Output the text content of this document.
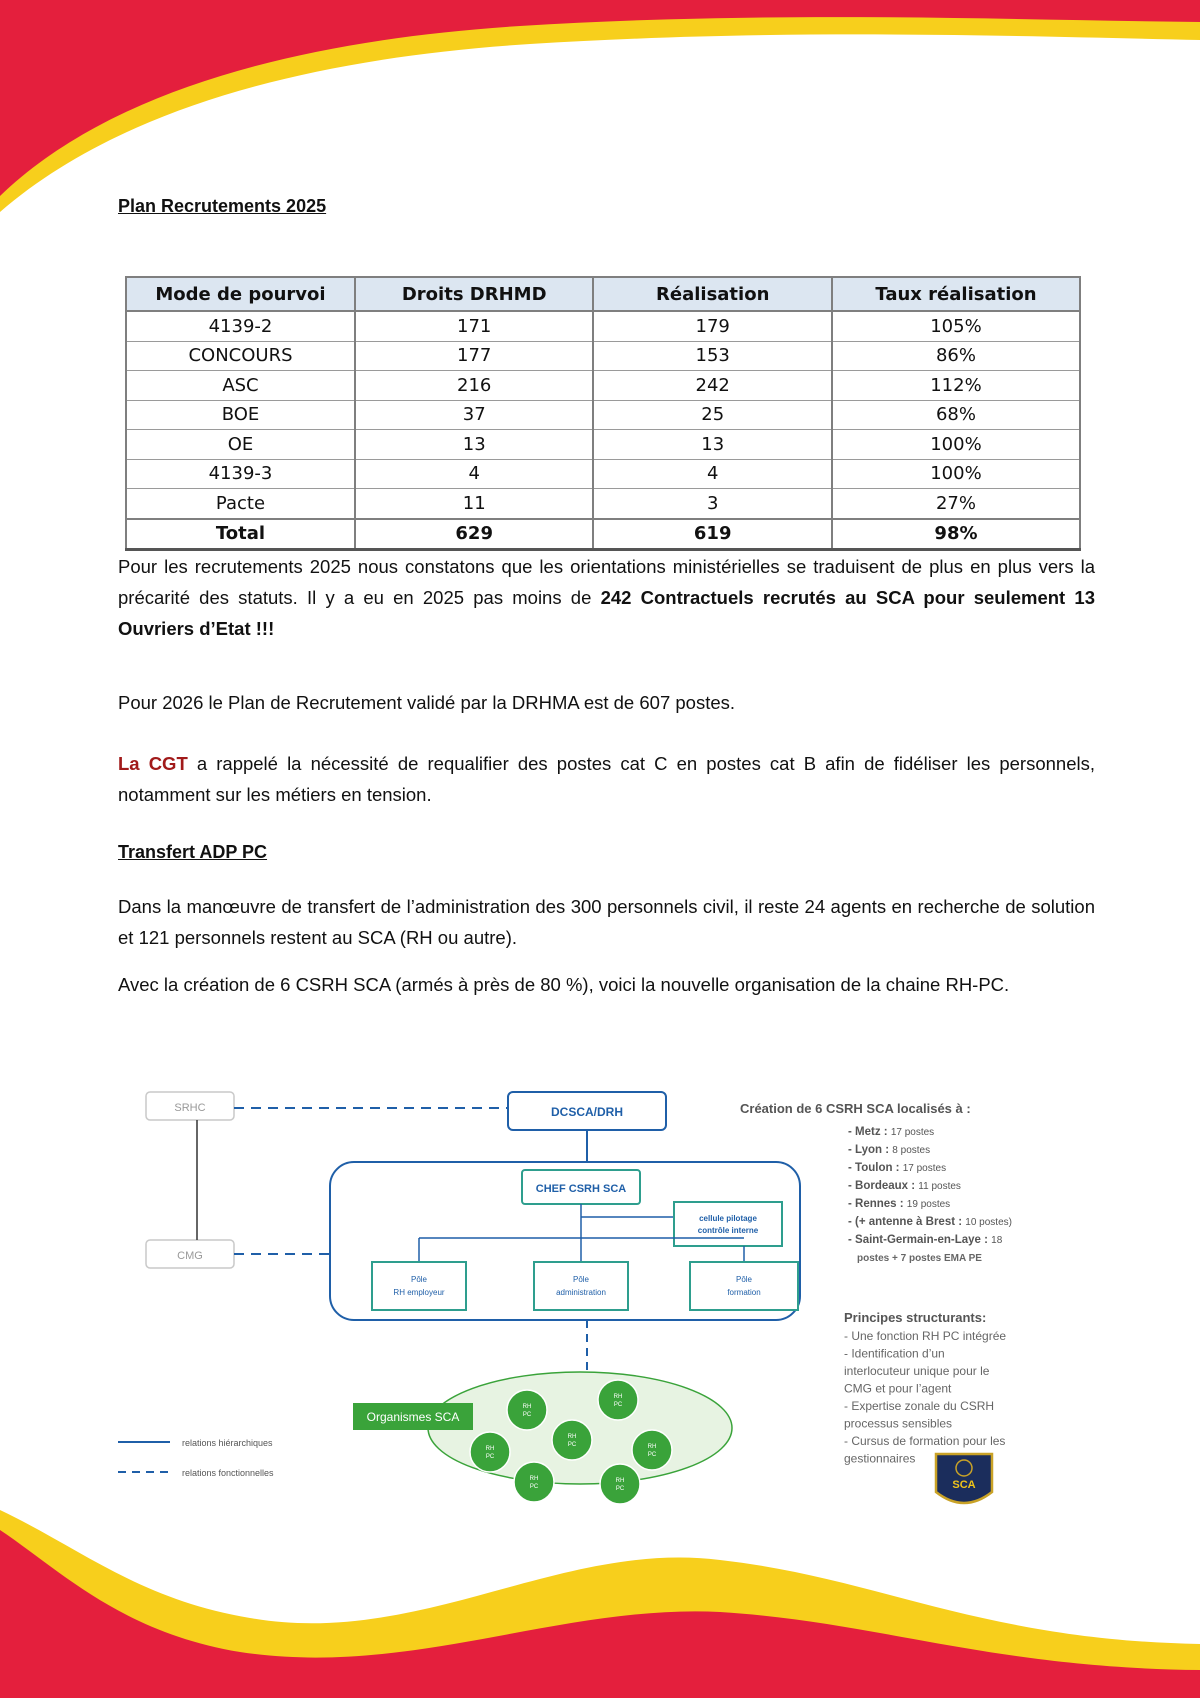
Plan Recrutements 2025
Mode de pourvoi	Droits DRHMD	Réalisation	Taux réalisation
4139-2	171	179	105%
CONCOURS	177	153	86%
ASC	216	242	112%
BOE	37	25	68%
OE	13	13	100%
4139-3	4	4	100%
Pacte	11	3	27%
Total	629	619	98%

Pour les recrutements 2025 nous constatons que les orientations ministérielles se traduisent de plus en plus vers la précarité des statuts. Il y a eu en 2025 pas moins de 242 Contractuels recrutés au SCA pour seulement 13 Ouvriers d’Etat !!!

Pour 2026 le Plan de Recrutement validé par la DRHMA est de 607 postes.

La CGT a rappelé la nécessité de requalifier des postes cat C en postes cat B afin de fidéliser les personnels, notamment sur les métiers en tension.

Transfert ADP PC

Dans la manœuvre de transfert de l’administration des 300 personnels civil, il reste 24 agents en recherche de solution et 121 personnels restent au SCA (RH ou autre).

Avec la création de 6 CSRH SCA (armés à près de 80 %), voici la nouvelle organisation de la chaine RH-PC.

SRHC
CMG
DCSCA/DRH
CHEF CSRH SCA
cellule pilotage
contrôle interne
Pôle
RH employeur
Pôle
administration
Pôle
formation
Organismes SCA
RH
PC
RH
PC
RH
PC
RH
PC	RH
PC
RH
PC
RH
PC
relations hiérarchiques
relations fonctionnelles
Création de 6 CSRH SCA localisés à :
- Metz : 17 postes
- Lyon : 8 postes
- Toulon : 17 postes
- Bordeaux : 11 postes
- Rennes : 19 postes
- (+ antenne à Brest : 10 postes)
- Saint-Germain-en-Laye : 18
postes + 7 postes EMA PE
Principes structurants:
- Une fonction RH PC intégrée
- Identification d’un
interlocuteur unique pour le
CMG et pour l’agent
- Expertise zonale du CSRH
processus sensibles
- Cursus de formation pour les
gestionnaires
SCA
